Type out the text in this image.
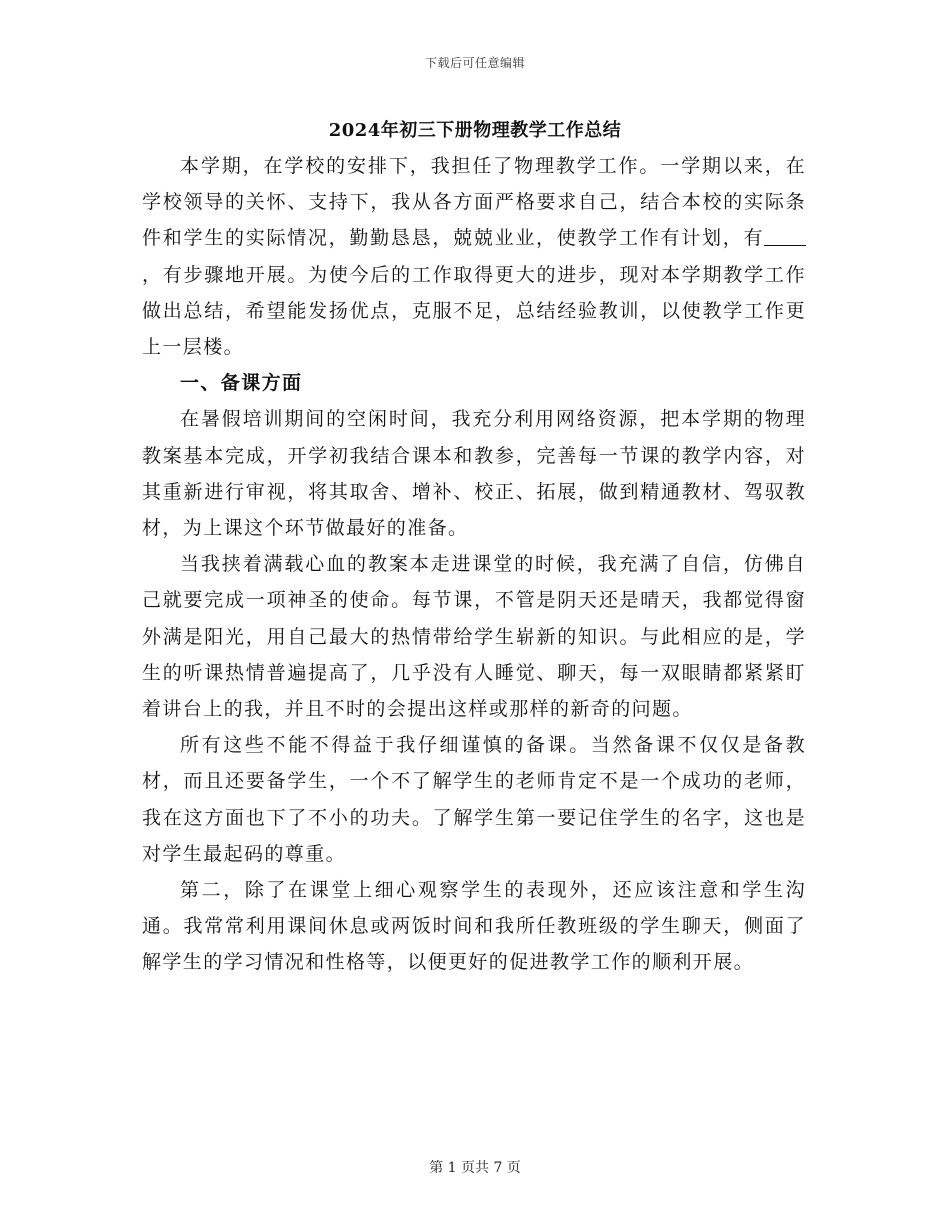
下载后可任意编辑
2024年初三下册物理教学工作总结

本学期，在学校的安排下，我担任了物理教学工作。一学期以来，在学校领导的关怀、支持下，我从各方面严格要求自己，结合本校的实际条件和学生的实际情况，勤勤恳恳，兢兢业业，使教学工作有计划，有，有步骤地开展。为使今后的工作取得更大的进步，现对本学期教学工作做出总结，希望能发扬优点，克服不足，总结经验教训，以使教学工作更上一层楼。

一、备课方面

在暑假培训期间的空闲时间，我充分利用网络资源，把本学期的物理教案基本完成，开学初我结合课本和教参，完善每一节课的教学内容，对其重新进行审视，将其取舍、增补、校正、拓展，做到精通教材、驾驭教材，为上课这个环节做最好的准备。

当我挟着满载心血的教案本走进课堂的时候，我充满了自信，仿佛自己就要完成一项神圣的使命。每节课，不管是阴天还是晴天，我都觉得窗外满是阳光，用自己最大的热情带给学生崭新的知识。与此相应的是，学生的听课热情普遍提高了，几乎没有人睡觉、聊天，每一双眼睛都紧紧盯着讲台上的我，并且不时的会提出这样或那样的新奇的问题。

所有这些不能不得益于我仔细谨慎的备课。当然备课不仅仅是备教材，而且还要备学生，一个不了解学生的老师肯定不是一个成功的老师，我在这方面也下了不小的功夫。了解学生第一要记住学生的名字，这也是对学生最起码的尊重。

第二，除了在课堂上细心观察学生的表现外，还应该注意和学生沟通。我常常利用课间休息或两饭时间和我所任教班级的学生聊天，侧面了解学生的学习情况和性格等，以便更好的促进教学工作的顺利开展。

第 1 页共 7 页
